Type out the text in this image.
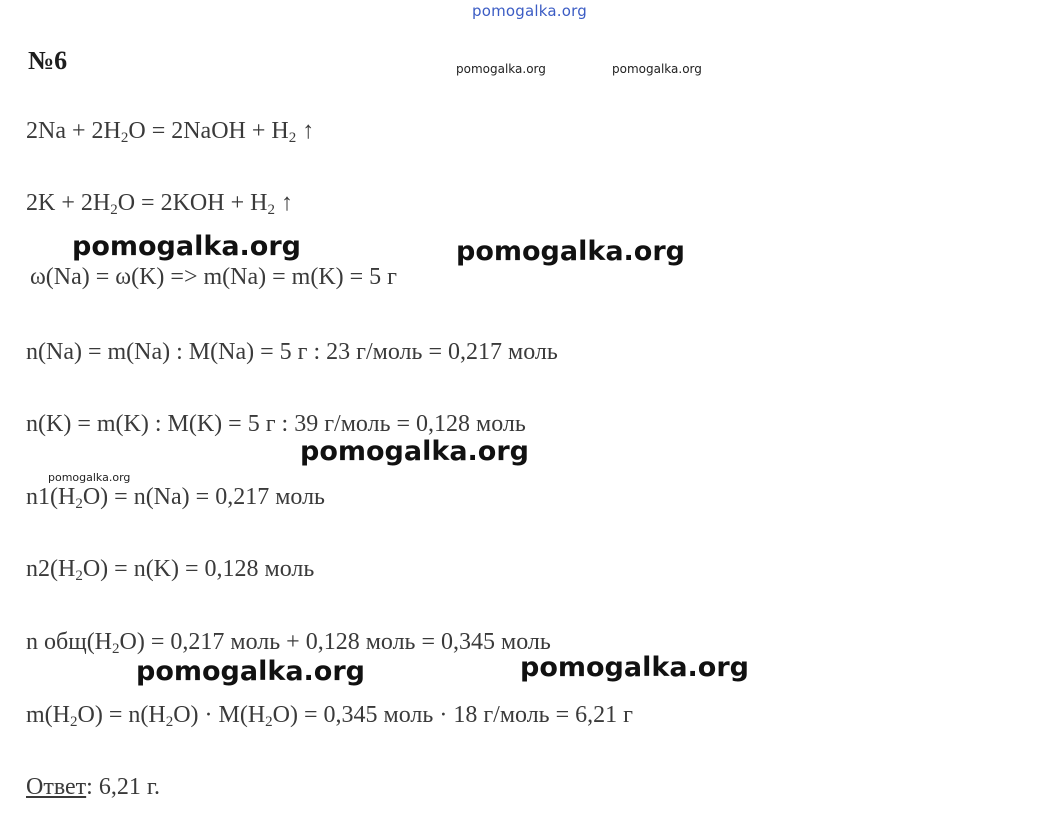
pomogalka.org
pomogalka.org	pomogalka.org
pomogalka.org
№6
$2Na + 2H_2O$ = 2NaOH + $H_2$ ↑
$2K + 2H_2O = 2KOH + H_2$ ↑
ω(Na) = ω(K) => m(Na) = m(K) = 5 г
n(Na) = m(Na) : M(Na) = 5 г : 23 г/моль = 0,217 моль
n(K) = m(K) : M(K) = 5 г : 39 г/моль = 0,128 моль
$n1(H_2O) = n(Na) = 0,217$ моль
$n2(H_2O) = n(K) = 0,128$ моль
n $общ(H_2O) = 0,217$ моль + 0,128 моль = 0,345 моль
$m(H_2O) = n(H_2O) \cdot M(H_2O) = 0,345$ моль · 18 г/моль = 6,21 г
Ответ: 6,21 г.
pomogalka.org	pomogalka.org
pomogalka.org
pomogalka.org	pomogalka.org
